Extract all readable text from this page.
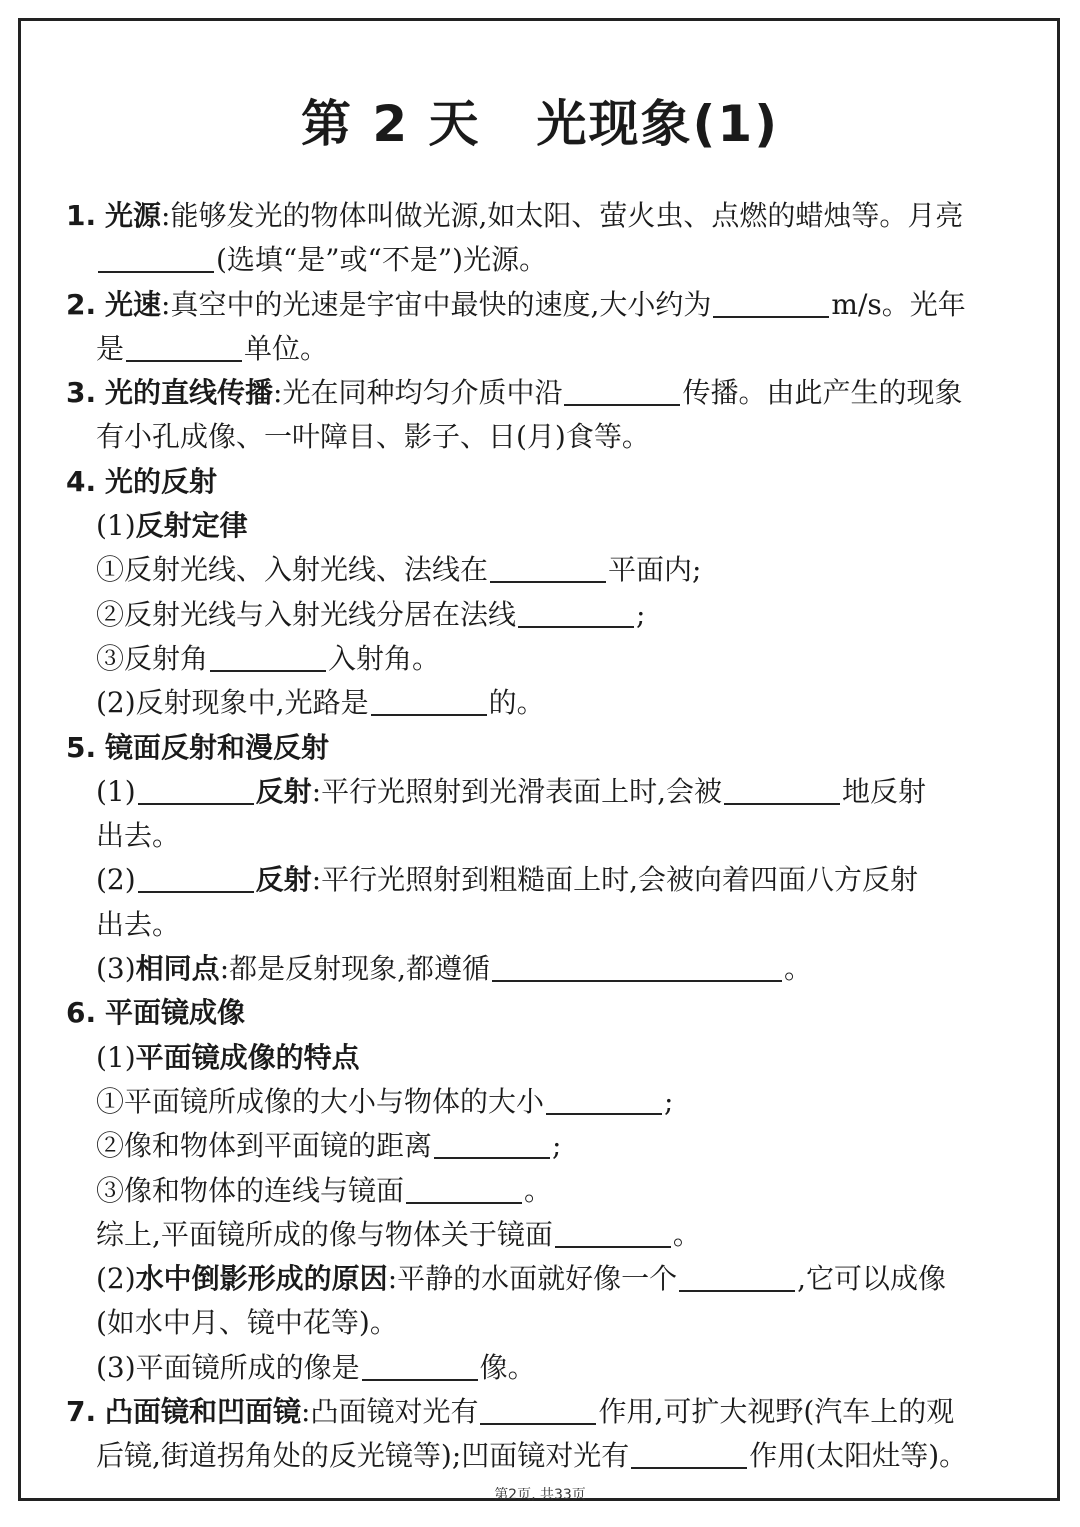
第 2 天 光现象(1)
1. 光源:能够发光的物体叫做光源,如太阳、萤火虫、点燃的蜡烛等。月亮
(选填“是”或“不是”)光源。
2. 光速:真空中的光速是宇宙中最快的速度,大小约为	m/s。光年
是	单位。
3. 光的直线传播:光在同种均匀介质中沿	传播。由此产生的现象
有小孔成像、一叶障目、影子、日(月)食等。
4. 光的反射
(1)反射定律
①反射光线、入射光线、法线在	平面内;
②反射光线与入射光线分居在法线	;
③反射角	入射角。
(2)反射现象中,光路是	的。
5. 镜面反射和漫反射
(1)	反射:平行光照射到光滑表面上时,会被	地反射
出去。
(2)	反射:平行光照射到粗糙面上时,会被向着四面八方反射
出去。
(3)相同点:都是反射现象,都遵循	。
6. 平面镜成像
(1)平面镜成像的特点
①平面镜所成像的大小与物体的大小	;
②像和物体到平面镜的距离	;
③像和物体的连线与镜面	。
综上,平面镜所成的像与物体关于镜面	。
(2)水中倒影形成的原因:平静的水面就好像一个	,它可以成像
(如水中月、镜中花等)。
(3)平面镜所成的像是	像。
7. 凸面镜和凹面镜:凸面镜对光有	作用,可扩大视野(汽车上的观
后镜,街道拐角处的反光镜等);凹面镜对光有	作用(太阳灶等)。
第2页, 共33页
